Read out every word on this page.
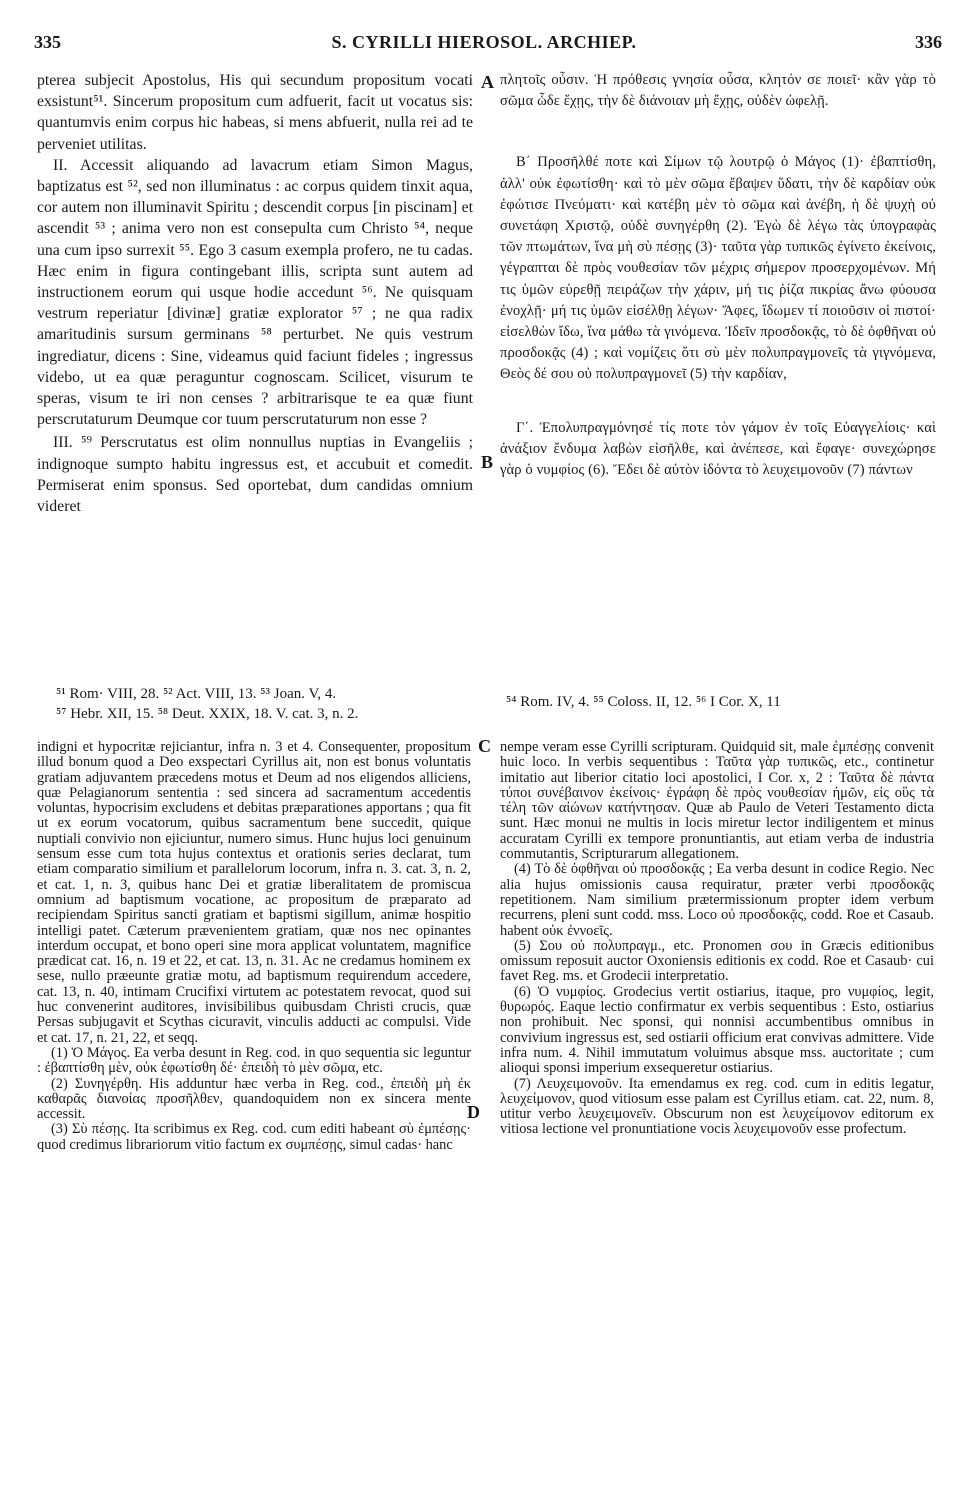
335	S. CYRILLI HIEROSOL. ARCHIEP.	336
A
B
C
D

pterea subjecit Apostolus, His qui secundum propositum vocati exsistunt⁵¹. Sincerum propositum cum adfuerit, facit ut vocatus sis: quantumvis enim corpus hic habeas, si mens abfuerit, nulla rei ad te perveniet utilitas.

II. Accessit aliquando ad lavacrum etiam Simon Magus, baptizatus est ⁵², sed non illuminatus : ac corpus quidem tinxit aqua, cor autem non illuminavit Spiritu ; descendit corpus [in piscinam] et ascendit ⁵³ ; anima vero non est consepulta cum Christo ⁵⁴, neque una cum ipso surrexit ⁵⁵. Ego 3 casum exempla profero, ne tu cadas. Hæc enim in figura contingebant illis, scripta sunt autem ad instructionem eorum qui usque hodie accedunt ⁵⁶. Ne quisquam vestrum reperiatur [divinæ] gratiæ explorator ⁵⁷ ; ne qua radix amaritudinis sursum germinans ⁵⁸ perturbet. Ne quis vestrum ingrediatur, dicens : Sine, videamus quid faciunt fideles ; ingressus videbo, ut ea quæ peraguntur cognoscam. Scilicet, visurum te speras, visum te iri non censes ? arbitrarisque te ea quæ fiunt perscrutaturum Deumque cor tuum perscrutaturum non esse ?

III. ⁵⁹ Perscrutatus est olim nonnullus nuptias in Evangeliis ; indignoque sumpto habitu ingressus est, et accubuit et comedit. Permiserat enim sponsus. Sed oportebat, dum candidas omnium videret

πλητοῖς οὖσιν. Ἡ πρόθεσις γνησία οὖσα, κλητόν σε ποιεῖ· κἂν γὰρ τὸ σῶμα ὧδε ἔχῃς, τὴν δὲ διάνοιαν μὴ ἔχῃς, οὐδὲν ὠφελῇ.

Β΄ Προσῆλθέ ποτε καὶ Σίμων τῷ λουτρῷ ὁ Μάγος (1)· ἐβαπτίσθη, ἀλλ' οὐκ ἐφωτίσθη· καὶ τὸ μὲν σῶμα ἔβαψεν ὕδατι, τὴν δὲ καρδίαν οὐκ ἐφώτισε Πνεύματι· καὶ κατέβη μὲν τὸ σῶμα καὶ ἀνέβη, ἡ δὲ ψυχὴ οὐ συνετάφη Χριστῷ, οὐδὲ συνηγέρθη (2). Ἐγὼ δὲ λέγω τὰς ὑπογραφὰς τῶν πτωμάτων, ἵνα μὴ σὺ πέσῃς (3)· ταῦτα γὰρ τυπικῶς ἐγίνετο ἐκείνοις, γέγραπται δὲ πρὸς νουθεσίαν τῶν μέχρις σήμερον προσερχομένων. Μή τις ὑμῶν εὑρεθῇ πειράζων τὴν χάριν, μή τις ῥίζα πικρίας ἄνω φύουσα ἐνοχλῇ· μή τις ὑμῶν εἰσέλθῃ λέγων· Ἄφες, ἴδωμεν τί ποιοῦσιν οἱ πιστοί· εἰσελθὼν ἴδω, ἵνα μάθω τὰ γινόμενα. Ἰδεῖν προσδοκᾷς, τὸ δὲ ὀφθῆναι οὐ προσδοκᾷς (4) ; καὶ νομίζεις ὅτι σὺ μὲν πολυπραγμονεῖς τὰ γιγνόμενα, Θεὸς δέ σου οὐ πολυπραγμονεῖ (5) τὴν καρδίαν,

Γ΄. Ἐπολυπραγμόνησέ τίς ποτε τὸν γάμον ἐν τοῖς Εὐαγγελίοις· καὶ ἀνάξιον ἔνδυμα λαβὼν εἰσῆλθε, καὶ ἀνέπεσε, καὶ ἔφαγε· συνεχώρησε γὰρ ὁ νυμφίος (6). Ἔδει δὲ αὐτὸν ἰδόντα τὸ λευχειμονοῦν (7) πάντων

⁵¹ Rom· VIII, 28. ⁵² Act. VIII, 13. ⁵³ Joan. V, 4.	⁵⁴ Rom. IV, 4. ⁵⁵ Coloss. II, 12. ⁵⁶ I Cor. X, 11
⁵⁷ Hebr. XII, 15. ⁵⁸ Deut. XXIX, 18. V. cat. 3, n. 2.

indigni et hypocritæ rejiciantur, infra n. 3 et 4. Consequenter, propositum illud bonum quod a Deo exspectari Cyrillus ait, non est bonus voluntatis gratiam adjuvantem præcedens motus et Deum ad nos eligendos alliciens, quæ Pelagianorum sententia : sed sincera ad sacramentum accedentis voluntas, hypocrisim excludens et debitas præparationes apportans ; qua fit ut ex eorum vocatorum, quibus sacramentum bene succedit, quique nuptiali convivio non ejiciuntur, numero simus. Hunc hujus loci genuinum sensum esse cum tota hujus contextus et orationis series declarat, tum etiam comparatio similium et parallelorum locorum, infra n. 3. cat. 3, n. 2, et cat. 1, n. 3, quibus hanc Dei et gratiæ liberalitatem de promiscua omnium ad baptismum vocatione, ac propositum de præparato ad recipiendam Spiritus sancti gratiam et baptismi sigillum, animæ hospitio intelligi patet. Cæterum prævenientem gratiam, quæ nos nec opinantes interdum occupat, et bono operi sine mora applicat voluntatem, magnifice prædicat cat. 16, n. 19 et 22, et cat. 13, n. 31. Ac ne credamus hominem ex sese, nullo præeunte gratiæ motu, ad baptismum requirendum accedere, cat. 13, n. 40, intimam Crucifixi virtutem ac potestatem revocat, quod sui huc convenerint auditores, invisibilibus quibusdam Christi crucis, quæ Persas subjugavit et Scythas cicuravit, vinculis adducti ac compulsi. Vide et cat. 17, n. 21, 22, et seqq.

(1) Ὁ Μάγος. Ea verba desunt in Reg. cod. in quo sequentia sic leguntur : ἐβαπτίσθη μὲν, οὐκ ἐφωτίσθη δέ· ἐπειδὴ τὸ μὲν σῶμα, etc.

(2) Συνηγέρθη. His adduntur hæc verba in Reg. cod., ἐπειδὴ μὴ ἐκ καθαρᾶς διανοίας προσῆλθεν, quandoquidem non ex sincera mente accessit.

(3) Σὺ πέσῃς. Ita scribimus ex Reg. cod. cum editi habeant σὺ ἐμπέσῃς· quod credimus librariorum vitio factum ex συμπέσῃς, simul cadas· hanc

nempe veram esse Cyrilli scripturam. Quidquid sit, male ἐμπέσῃς convenit huic loco. In verbis sequentibus : Ταῦτα γὰρ τυπικῶς, etc., continetur imitatio aut liberior citatio loci apostolici, I Cor. x, 2 : Ταῦτα δὲ πάντα τύποι συνέβαινον ἐκείνοις· ἐγράφη δὲ πρὸς νουθεσίαν ἡμῶν, εἰς οὓς τὰ τέλη τῶν αἰώνων κατήντησαν. Quæ ab Paulo de Veteri Testamento dicta sunt. Hæc monui ne multis in locis miretur lector indiligentem et minus accuratam Cyrilli ex tempore pronuntiantis, aut etiam verba de industria commutantis, Scripturarum allegationem.

(4) Τὸ δὲ ὀφθῆναι οὐ προσδοκᾷς ; Ea verba desunt in codice Regio. Nec alia hujus omissionis causa requiratur, præter verbi προσδοκᾷς repetitionem. Nam similium prætermissionum propter idem verbum recurrens, pleni sunt codd. mss. Loco οὐ προσδοκᾷς, codd. Roe et Casaub. habent οὐκ ἐννοεῖς.

(5) Σου οὐ πολυπραγμ., etc. Pronomen σου in Græcis editionibus omissum reposuit auctor Oxoniensis editionis ex codd. Roe et Casaub· cui favet Reg. ms. et Grodecii interpretatio.

(6) Ὁ νυμφίος. Grodecius vertit ostiarius, itaque, pro νυμφίος, legit, θυρωρός. Eaque lectio confirmatur ex verbis sequentibus : Esto, ostiarius non prohibuit. Nec sponsi, qui nonnisi accumbentibus omnibus in convivium ingressus est, sed ostiarii officium erat convivas admittere. Vide infra num. 4. Nihil immutatum voluimus absque mss. auctoritate ; cum alioqui sponsi imperium exsequeretur ostiarius.

(7) Λευχειμονοῦν. Ita emendamus ex reg. cod. cum in editis legatur, λευχείμονον, quod vitiosum esse palam est Cyrillus etiam. cat. 22, num. 8, utitur verbo λευχειμονεῖν. Obscurum non est λευχείμονον editorum ex vitiosa lectione vel pronuntiatione vocis λευχειμονοῦν esse profectum.
